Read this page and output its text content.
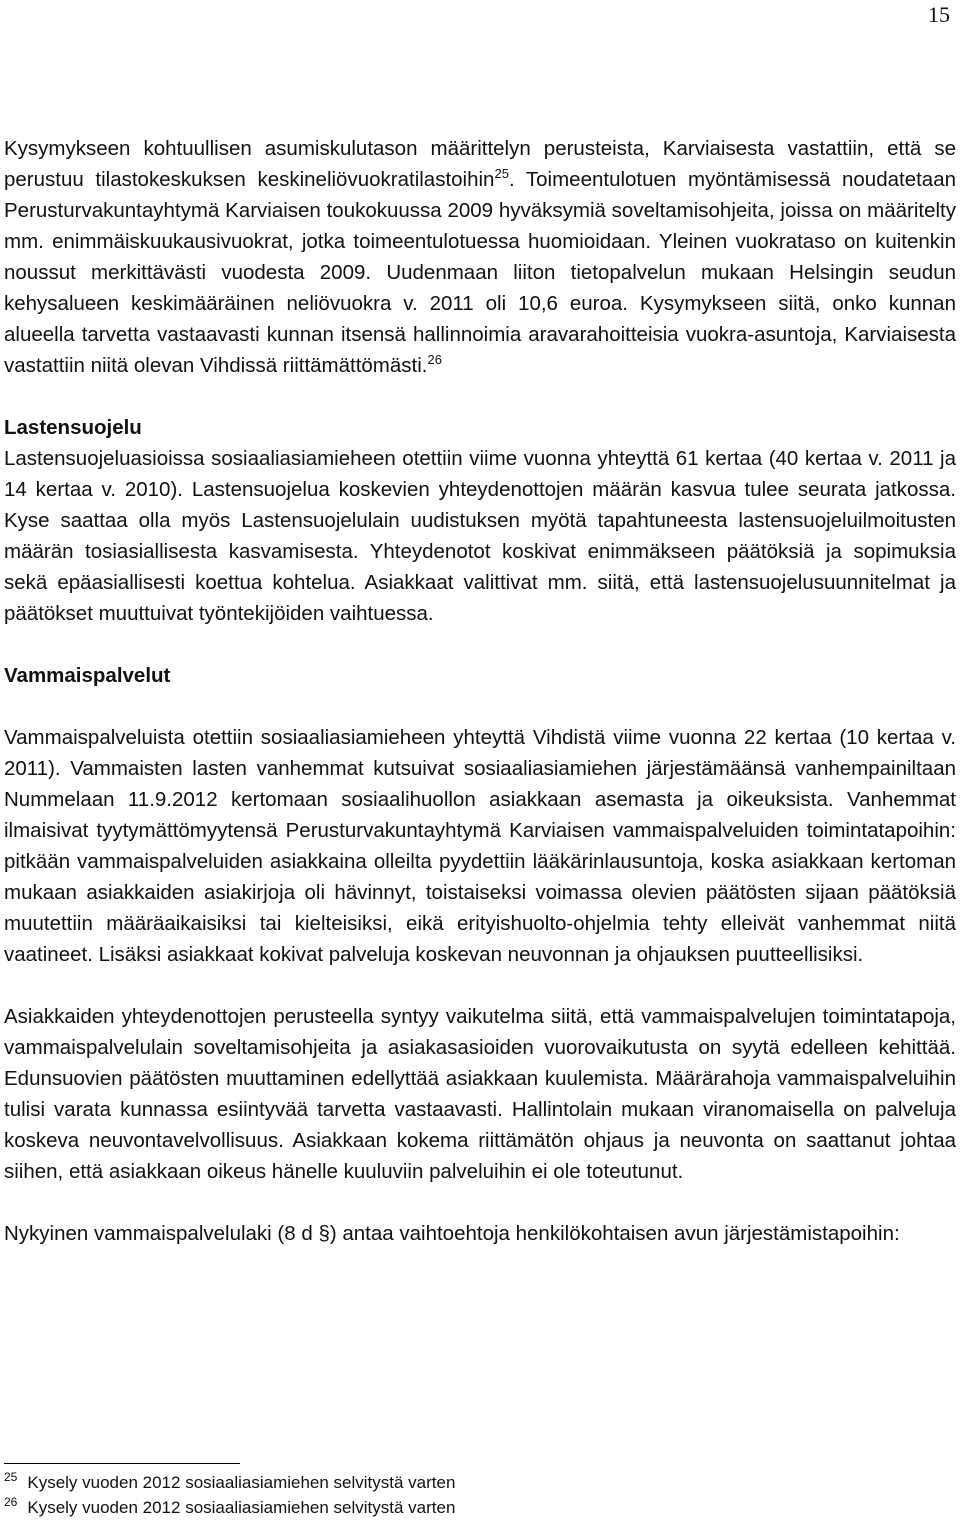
15

Kysymykseen kohtuullisen asumiskulutason määrittelyn perusteista, Karviaisesta vastattiin, että se perustuu tilastokeskuksen keskineliövuokratilastoihin$^{25}$. Toimeentulotuen myöntämisessä noudatetaan Perusturvakuntayhtymä Karviaisen toukokuussa 2009 hyväksymiä soveltamisohjeita, joissa on määritelty mm. enimmäiskuukausivuokrat, jotka toimeentulotuessa huomioidaan. Yleinen vuokrataso on kuitenkin noussut merkittävästi vuodesta 2009. Uudenmaan liiton tietopalvelun mukaan Helsingin seudun kehysalueen keskimääräinen neliövuokra v. 2011 oli 10,6 euroa. Kysymykseen siitä, onko kunnan alueella tarvetta vastaavasti kunnan itsensä hallinnoimia aravarahoitteisia vuokra-asuntoja, Karviaisesta vastattiin niitä olevan Vihdissä riittämättömästi.$^{26}$

Lastensuojelu

Lastensuojeluasioissa sosiaaliasiamieheen otettiin viime vuonna yhteyttä 61 kertaa (40 kertaa v. 2011 ja 14 kertaa v. 2010). Lastensuojelua koskevien yhteydenottojen määrän kasvua tulee seurata jatkossa. Kyse saattaa olla myös Lastensuojelulain uudistuksen myötä tapahtuneesta lastensuojeluilmoitusten määrän tosiasiallisesta kasvamisesta. Yhteydenotot koskivat enimmäkseen päätöksiä ja sopimuksia sekä epäasiallisesti koettua kohtelua. Asiakkaat valittivat mm. siitä, että lastensuojelusuunnitelmat ja päätökset muuttuivat työntekijöiden vaihtuessa.

Vammaispalvelut

Vammaispalveluista otettiin sosiaaliasiamieheen yhteyttä Vihdistä viime vuonna 22 kertaa (10 kertaa v. 2011). Vammaisten lasten vanhemmat kutsuivat sosiaaliasiamiehen järjestämäänsä vanhempainiltaan Nummelaan 11.9.2012 kertomaan sosiaalihuollon asiakkaan asemasta ja oikeuksista. Vanhemmat ilmaisivat tyytymättömyytensä Perusturvakuntayhtymä Karviaisen vammaispalveluiden toimintatapoihin: pitkään vammaispalveluiden asiakkaina olleilta pyydettiin lääkärinlausuntoja, koska asiakkaan kertoman mukaan asiakkaiden asiakirjoja oli hävinnyt, toistaiseksi voimassa olevien päätösten sijaan päätöksiä muutettiin määräaikaisiksi tai kielteisiksi, eikä erityishuolto-ohjelmia tehty elleivät vanhemmat niitä vaatineet. Lisäksi asiakkaat kokivat palveluja koskevan neuvonnan ja ohjauksen puutteellisiksi.

Asiakkaiden yhteydenottojen perusteella syntyy vaikutelma siitä, että vammaispalvelujen toimintatapoja, vammaispalvelulain soveltamisohjeita ja asiakasasioiden vuorovaikutusta on syytä edelleen kehittää. Edunsuovien päätösten muuttaminen edellyttää asiakkaan kuulemista. Määrärahoja vammaispalveluihin tulisi varata kunnassa esiintyvää tarvetta vastaavasti. Hallintolain mukaan viranomaisella on palveluja koskeva neuvontavelvollisuus. Asiakkaan kokema riittämätön ohjaus ja neuvonta on saattanut johtaa siihen, että asiakkaan oikeus hänelle kuuluviin palveluihin ei ole toteutunut.

Nykyinen vammaispalvelulaki (8 d §) antaa vaihtoehtoja henkilökohtaisen avun järjestämistapoihin:

$^{25}$ Kysely vuoden 2012 sosiaaliasiamiehen selvitystä varten
$^{26}$ Kysely vuoden 2012 sosiaaliasiamiehen selvitystä varten
